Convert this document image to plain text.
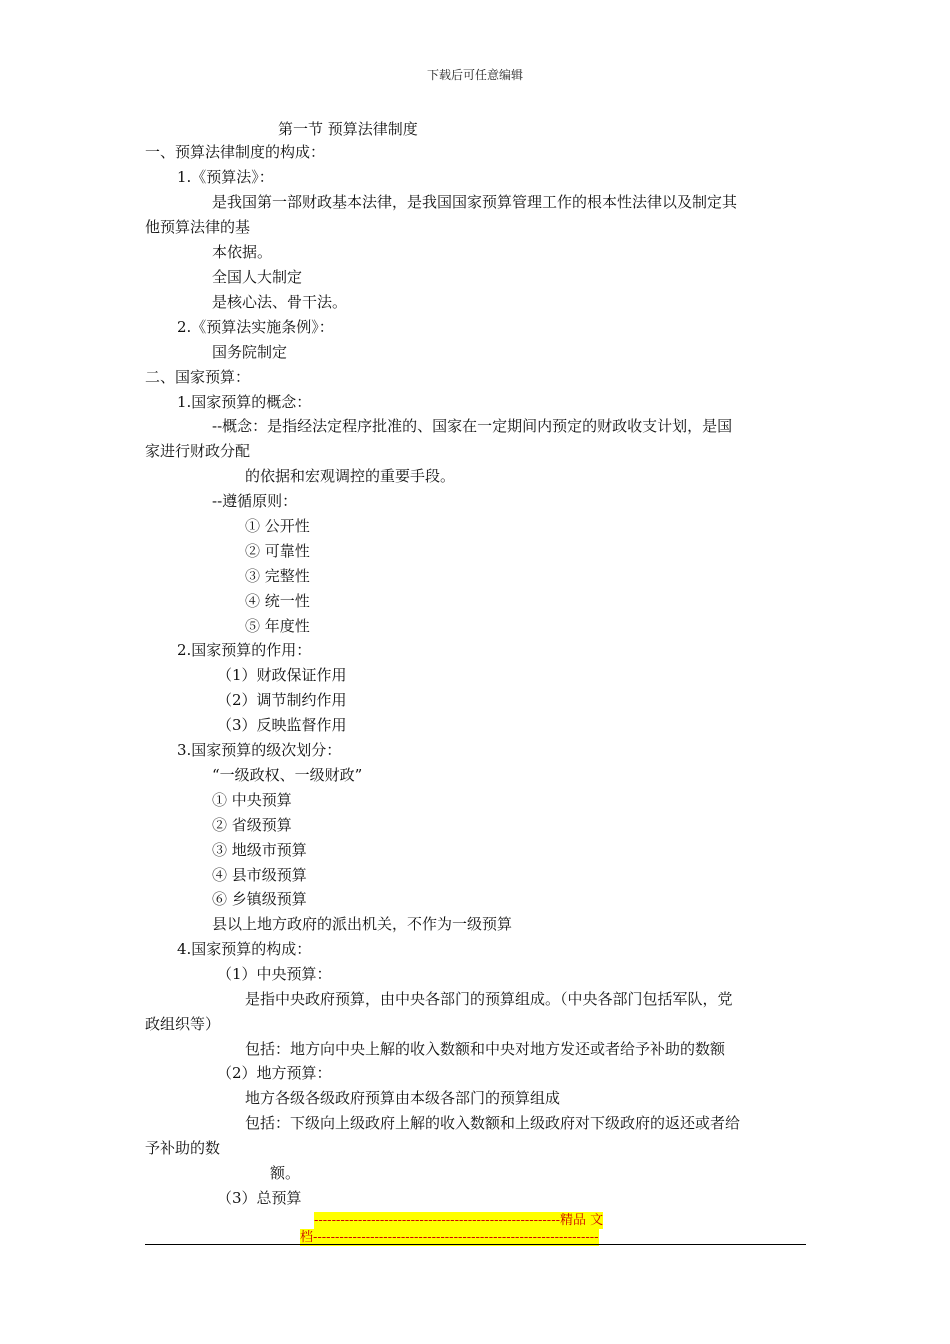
下载后可任意编辑
第一节 预算法律制度
一、预算法律制度的构成：
1.《预算法》：
是我国第一部财政基本法律，是我国国家预算管理工作的根本性法律以及制定其
他预算法律的基
本依据。
全国人大制定
是核心法、骨干法。
2.《预算法实施条例》：
国务院制定
二、国家预算：
1.国家预算的概念：
--概念：是指经法定程序批准的、国家在一定期间内预定的财政收支计划，是国
家进行财政分配
的依据和宏观调控的重要手段。
--遵循原则：
① 公开性
② 可靠性
③ 完整性
④ 统一性
⑤ 年度性
2.国家预算的作用：
（1）财政保证作用
（2）调节制约作用
（3）反映监督作用
3.国家预算的级次划分：
“一级政权、一级财政”
① 中央预算
② 省级预算
③ 地级市预算
④ 县市级预算
⑥ 乡镇级预算
县以上地方政府的派出机关，不作为一级预算
4.国家预算的构成：
（1）中央预算：
是指中央政府预算，由中央各部门的预算组成。（中央各部门包括军队，党
政组织等）
包括：地方向中央上解的收入数额和中央对地方发还或者给予补助的数额
（2）地方预算：
地方各级各级政府预算由本级各部门的预算组成
包括：下级向上级政府上解的收入数额和上级政府对下级政府的返还或者给
予补助的数
额。
（3）总预算
--------------------------------------------------------精品 文
档-----------------------------------------------------------------
